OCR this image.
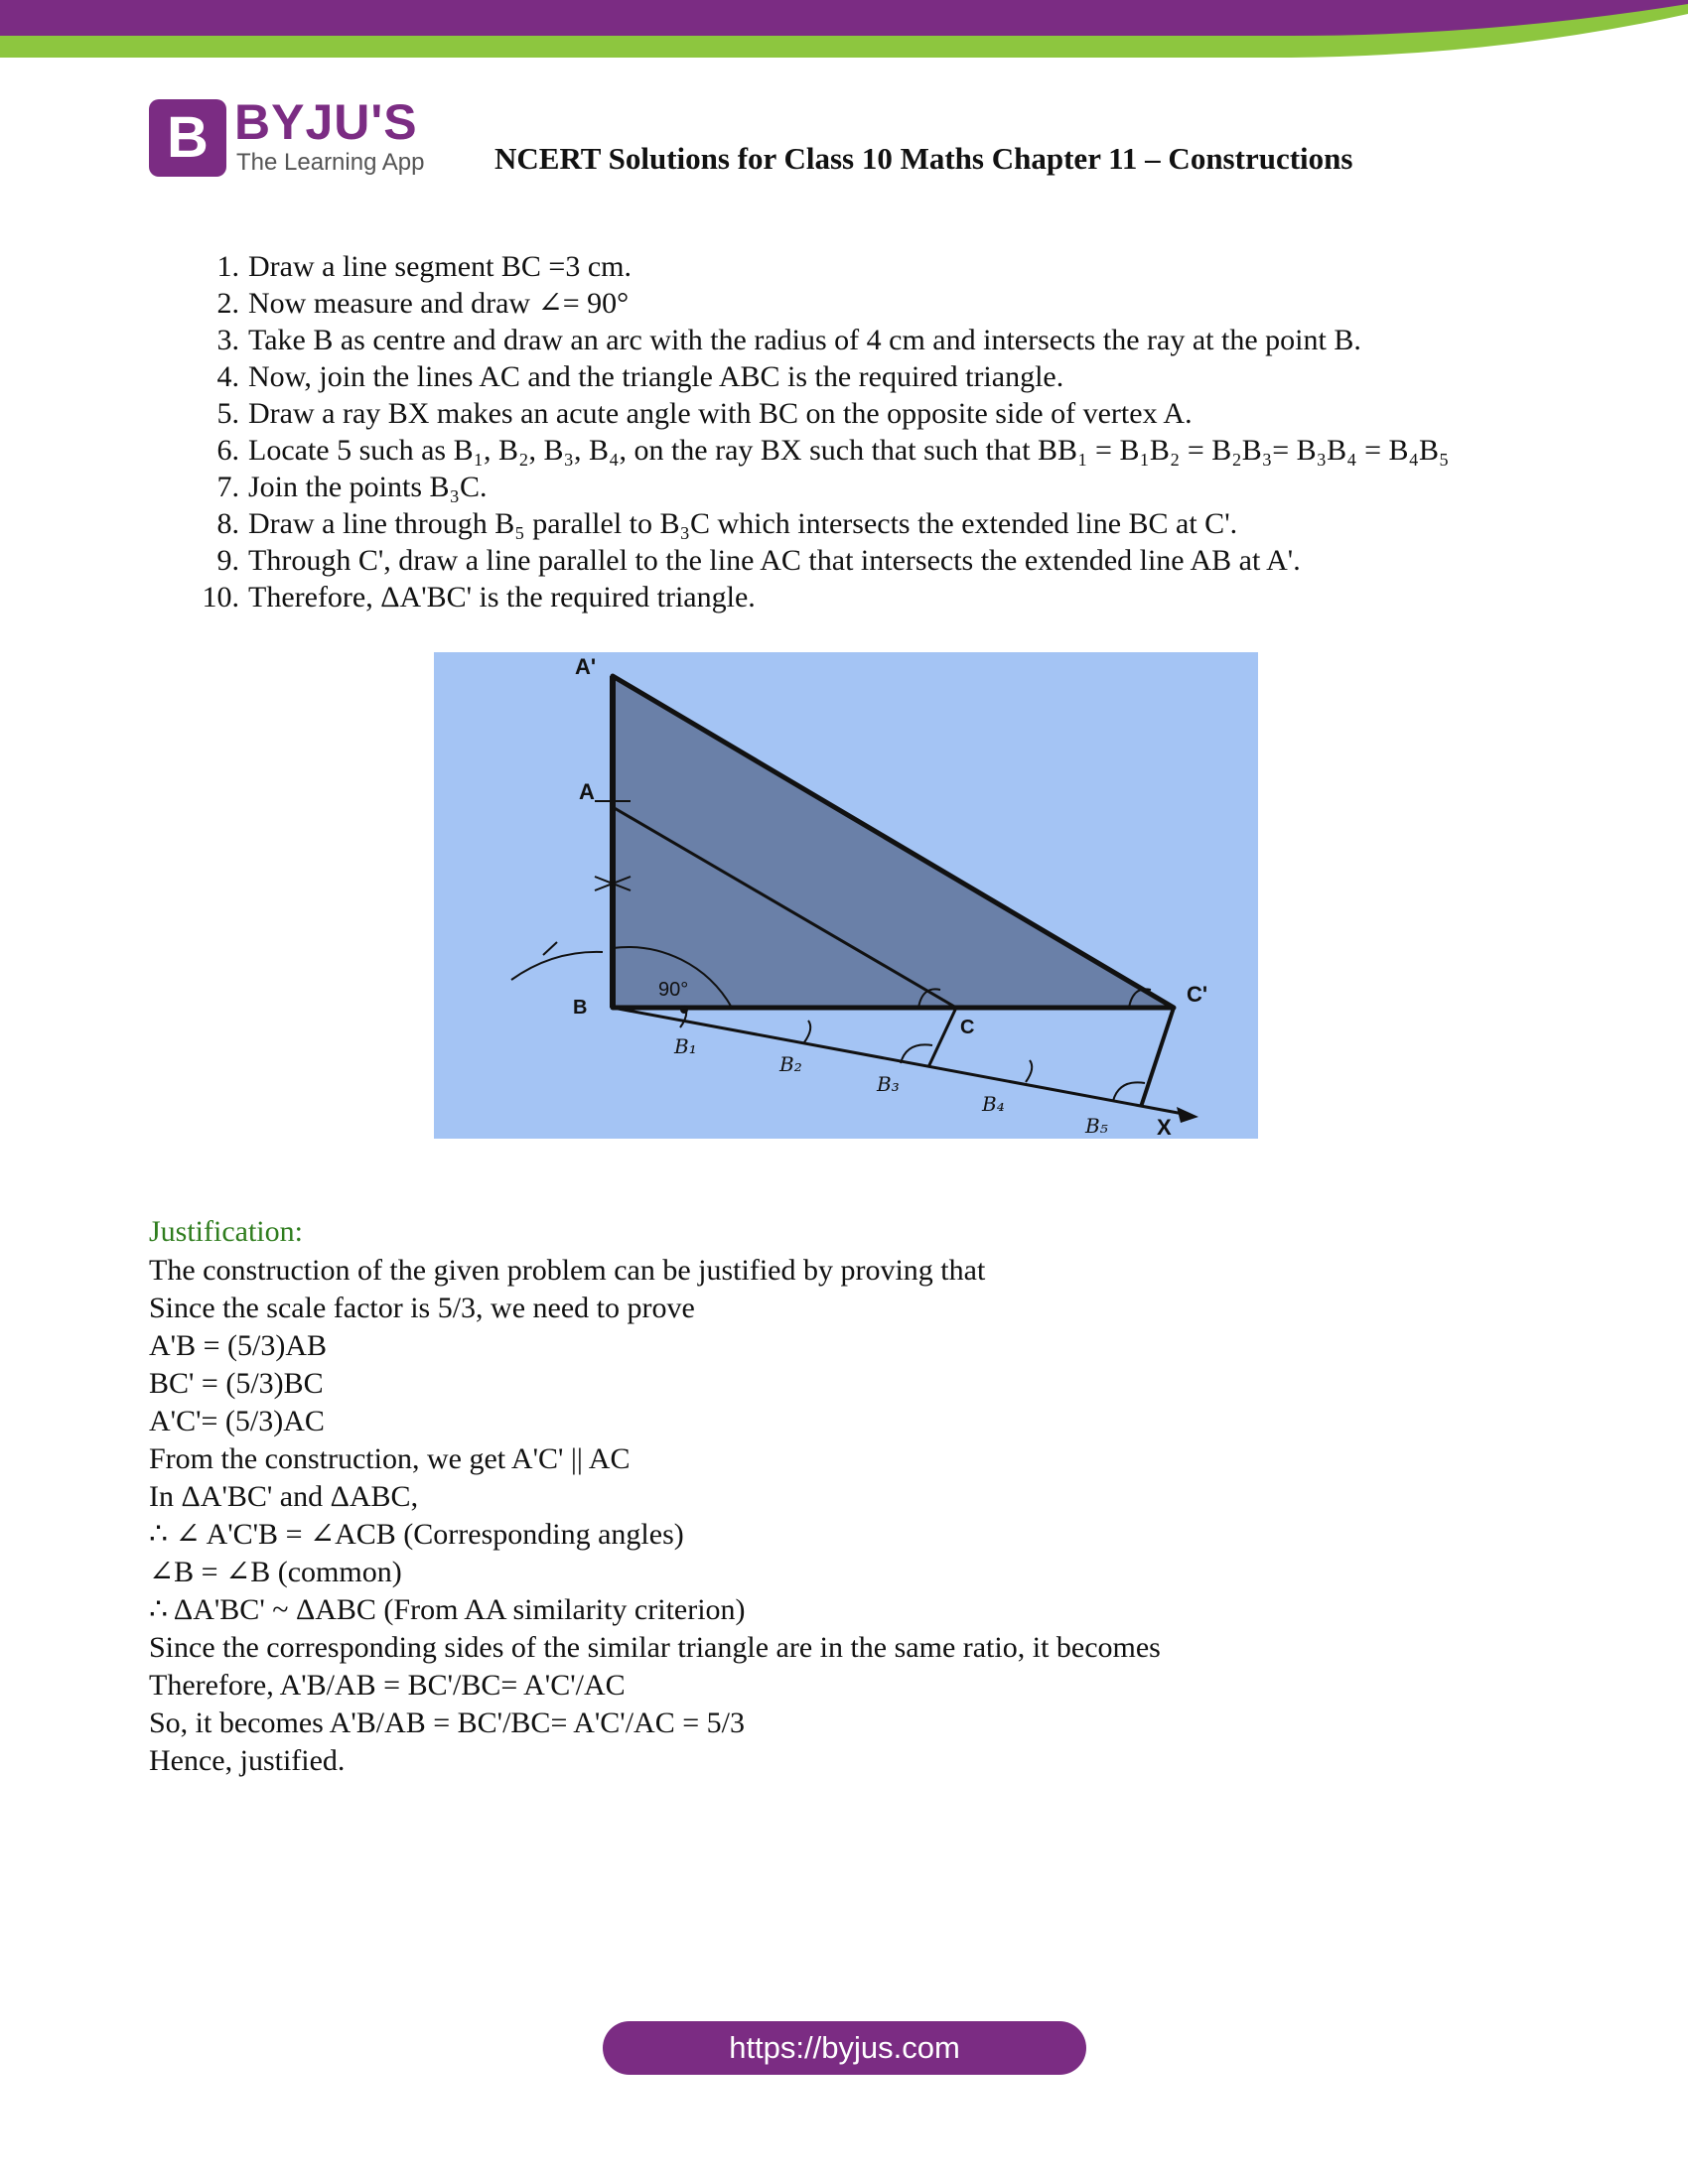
B BYJU'S
The Learning App NCERT Solutions for Class 10 Maths Chapter 11 – Constructions
1. Draw a line segment BC =3 cm.
2. Now measure and draw ∠= 90°
3. Take B as centre and draw an arc with the radius of 4 cm and intersects the ray at the point B.
4. Now, join the lines AC and the triangle ABC is the required triangle.
5. Draw a ray BX makes an acute angle with BC on the opposite side of vertex A.
6. Locate 5 such as B₁, B₂, B₃, B₄, on the ray BX such that such that BB₁ = B₁B₂ = B₂B₃= B₃B₄ = B₄B₅
7. Join the points B₃C.
8. Draw a line through B₅ parallel to B₃C which intersects the extended line BC at C'.
9. Through C', draw a line parallel to the line AC that intersects the extended line AB at A'.
10. Therefore, ΔA'BC' is the required triangle.
A'
A
B
C
C'
X
90°
B₁
B₂
B₃
B₄
B₅
Justification:
The construction of the given problem can be justified by proving that
Since the scale factor is 5/3, we need to prove
A'B = (5/3)AB
BC' = (5/3)BC
A'C'= (5/3)AC
From the construction, we get A'C' || AC
In ΔA'BC' and ΔABC,
∴ ∠ A'C'B = ∠ACB (Corresponding angles)
∠B = ∠B (common)
∴ ΔA'BC' ~ ΔABC (From AA similarity criterion)
Since the corresponding sides of the similar triangle are in the same ratio, it becomes
Therefore, A'B/AB = BC'/BC= A'C'/AC
So, it becomes A'B/AB = BC'/BC= A'C'/AC = 5/3
Hence, justified.
https://byjus.com
